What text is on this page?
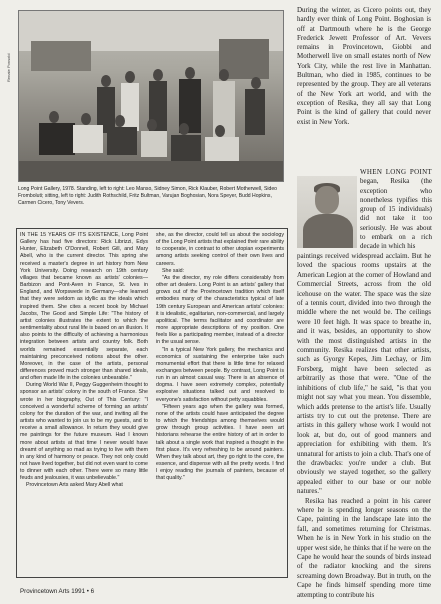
Renate Ponsold
Long Point Gallery, 1978. Standing, left to right: Leo Manso, Sidney Simon, Rick Klauber, Robert Motherwell, Sideo Fromboluti; sitting, left to right: Judith Rothschild, Fritz Bultman, Varujan Boghosian, Nora Speyer, Budd Hopkins, Carmen Cicero, Tony Vevers.

IN THE 15 YEARS OF ITS EXISTENCE, Long Point Gallery has had five directors: Rick Librizzi, Edys Hunter, Elizabeth O'Donnell, Robert Gill, and Mary Abell, who is the current director. This spring she received a master's degree in art history from New York University. Doing research on 19th century villages that became known as artists' colonies—Barbizon and Pont-Aven in France, St. Ives in England, and Worpswede in Germany—she learned that they were seldom as idyllic as the ideals which inspired them. She cites a recent book by Michael Jacobs, The Good and Simple Life: "The history of artist colonies illustrates the extent to which the sentimentality about rural life is based on an illusion. It also points to the difficulty of achieving a harmonious integration between artists and country folk. Both worlds remained essentially separate, each maintaining preconceived notions about the other. Moreover, in the case of the artists, personal differences proved much stronger than shared ideals, and often made life in the colonies unbearable."

During World War II, Peggy Guggenheim thought to sponsor an artists' colony in the south of France. She wrote in her biography, Out of This Century: "I conceived a wonderful scheme of forming an artists' colony for the duration of the war, and inviting all the artists who wanted to join us to be my guests, and to receive a small allowance. In return they would give me paintings for the future museum. Had I known more about artists at that time I never would have dreamt of anything so mad as trying to live with them in any kind of harmony or peace. They not only could not have lived together, but did not even want to come to dinner with each other. There were so many little feuds and jealousies, it was unbelievable."

Provincetown Arts asked Mary Abell what

she, as the director, could tell us about the sociology of the Long Point artists that explained their rare ability to cooperate, in contrast to other utopian experiments among artists seeking control of their own lives and careers.

She said:

"As the director, my role differs considerably from other art dealers. Long Point is an artists' gallery that grows out of the Provincetown tradition which itself embodies many of the characteristics typical of late 19th century European and American artists' colonies: it is idealistic, egalitarian, non-commercial, and largely apolitical. The terms facilitator and coordinator are more appropriate descriptions of my position. One feels like a participating member, instead of a director in the usual sense.

"In a typical New York gallery, the mechanics and economics of sustaining the enterprise take such monumental effort that there is little time for relaxed exchanges between people. By contrast, Long Point is run in an almost casual way. There is an absence of dogma. I have seen extremely complex, potentially explosive situations talked out and resolved to everyone's satisfaction without petty squabbles.

"Fifteen years ago when the gallery was formed, none of the artists could have anticipated the degree to which the friendships among themselves would grow through group activities. I have seen art historians rehearse the entire history of art in order to talk about a single work that inspired a thought in the first place. It's very refreshing to be around painters. When they talk about art, they go right to the core, the essence, and dispense with all the pretty words. I find I enjoy reading the journals of painters, because of that quality."

During the winter, as Cicero points out, they hardly ever think of Long Point. Boghosian is off at Dartmouth where he is the George Frederick Jewett Professor of Art. Vevers remains in Provincetown, Giobbi and Motherwell live on small estates north of New York City, while the rest live in Manhattan. Bultman, who died in 1985, continues to be represented by the group. They are all veterans of the New York art world, and with the exception of Resika, they all say that Long Point is the kind of gallery that could never exist in New York.

WHEN LONG POINT began, Resika (the exception who nonetheless typifies this group of 15 individuals) did not take it too seriously. He was about to embark on a rich decade in which his

paintings received widespread acclaim. But he loved the spacious rooms upstairs at the American Legion at the corner of Howland and Commercial Streets, across from the old icehouse on the water. The space was the size of a tennis court, divided into two through the middle where the net would be. The ceilings were 10 feet high. It was space to breathe in, and it was, besides, an opportunity to show with the most distinguished artists in the community. Resika realizes that other artists, such as Gyorgy Kepes, Jim Lechay, or Jim Forsberg, might have been selected as arbitrarily as those that were. "One of the inhibitions of club life," he said, "is that you might not say what you mean. You dissemble, which adds pretense to the artist's life. Usually artists try to cut out the pretense. There are artists in this gallery whose work I would not look at, but do, out of good manners and appreciation for exhibiting with them. It's unnatural for artists to join a club. That's one of the drawbacks: you're under a club. But obviously we stayed together, so the gallery appealed either to our base or our noble natures."

Resika has reached a point in his career where he is spending longer seasons on the Cape, painting in the landscape late into the fall, and sometimes returning for Christmas. When he is in New York in his studio on the upper west side, he thinks that if he were on the Cape he would hear the sounds of birds instead of the radiator knocking and the sirens screaming down Broadway. But in truth, on the Cape he finds himself spending more time attempting to contribute his

Provincetown Arts 1991 • 6
